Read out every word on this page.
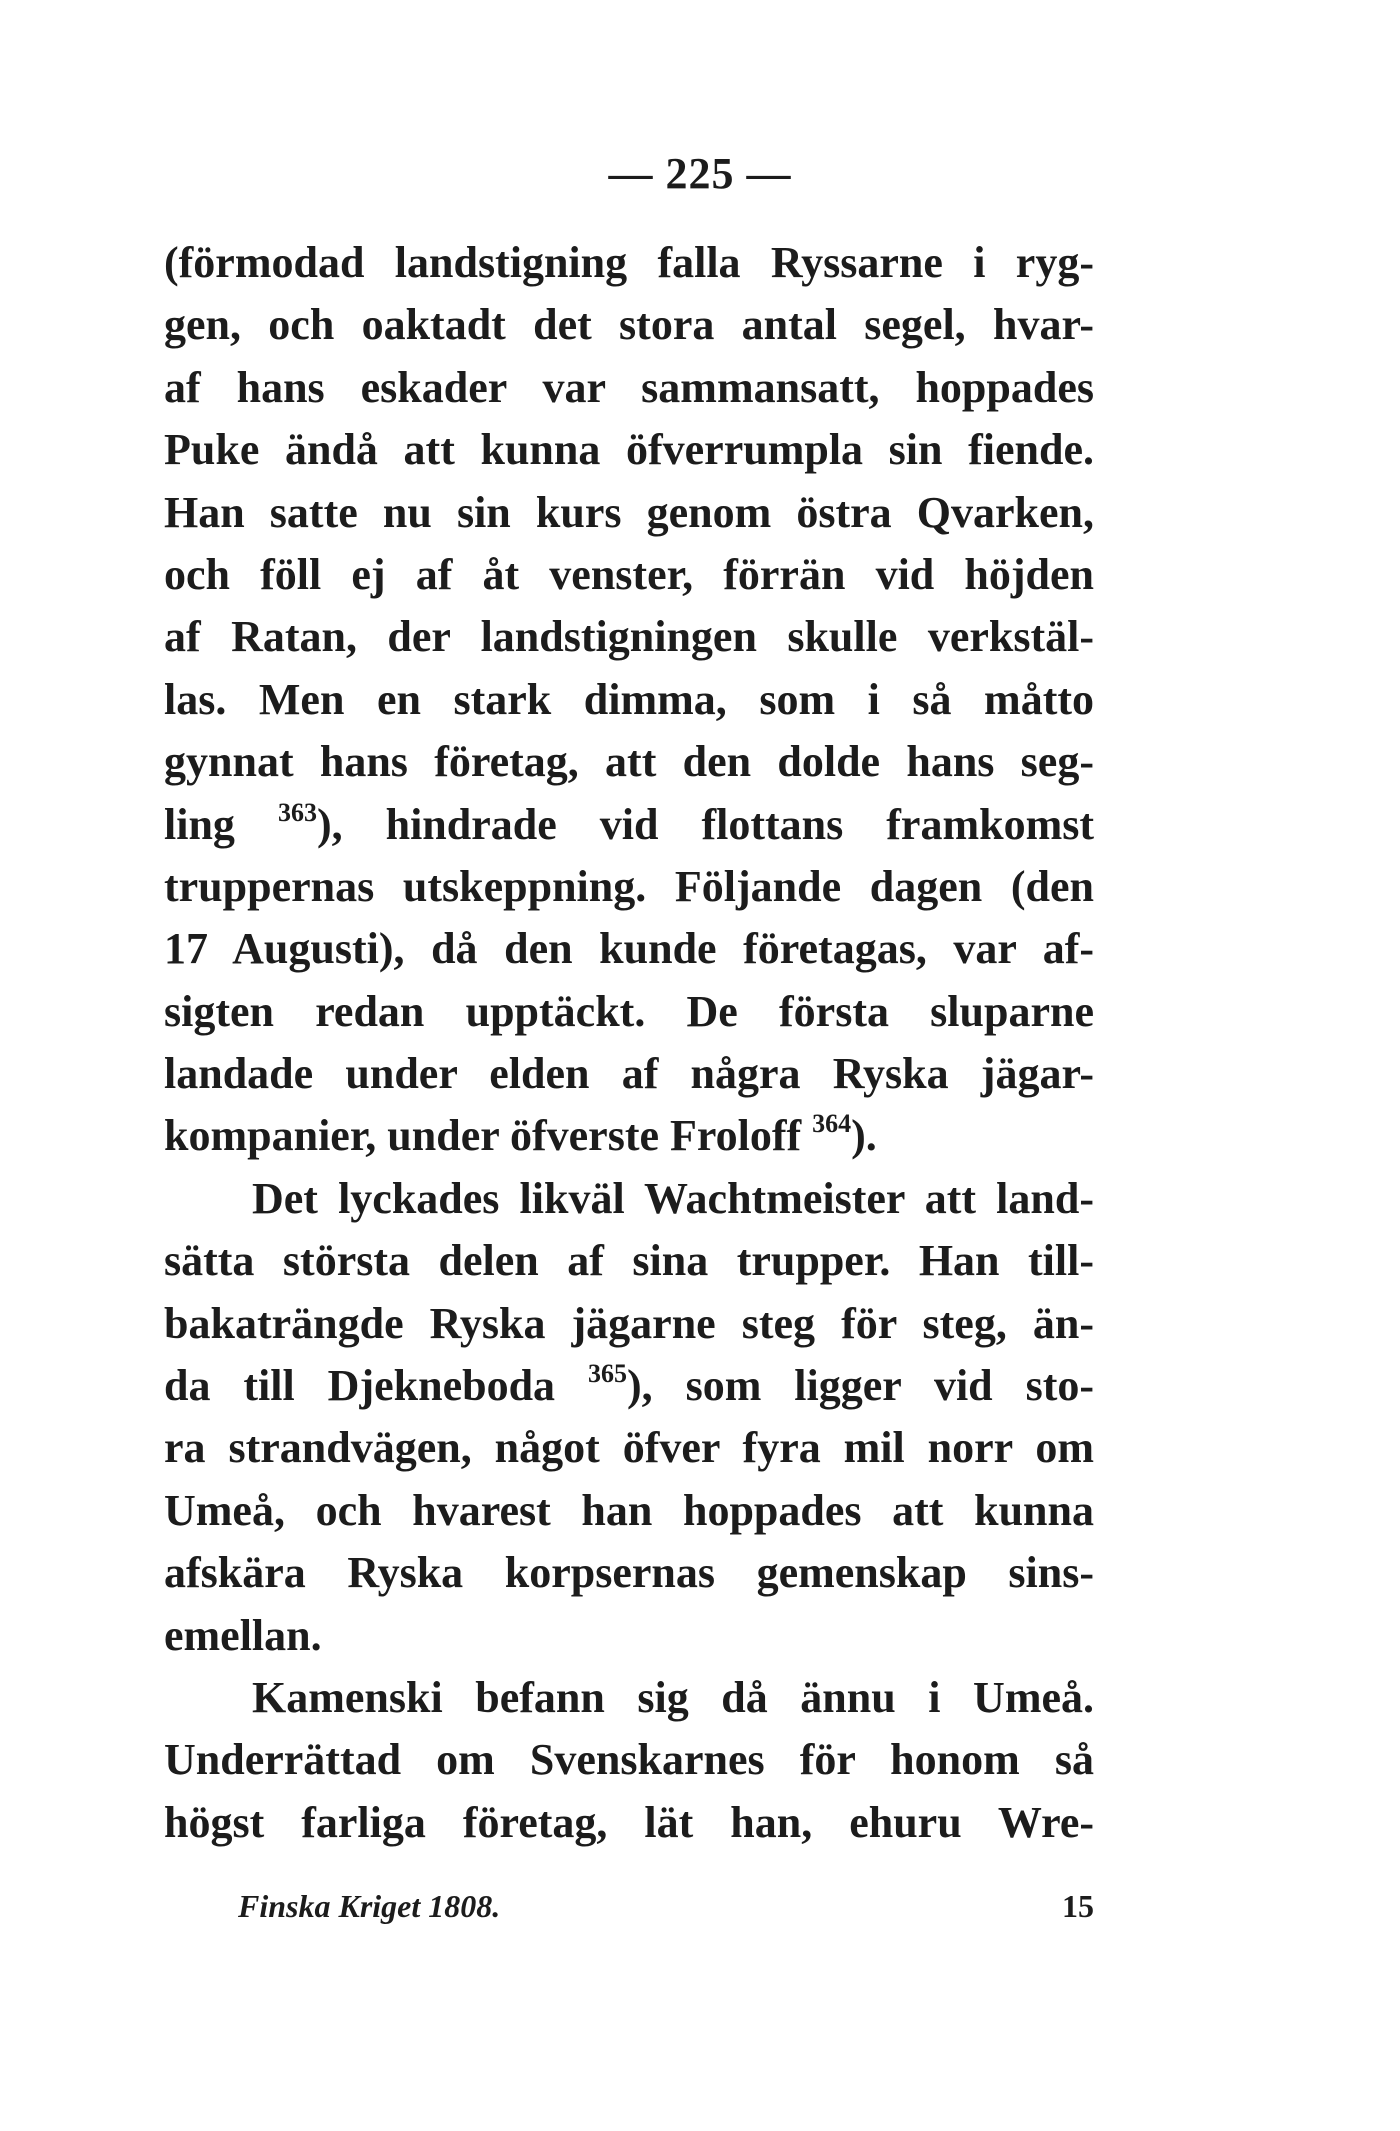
— 225 —
(förmodad landstigning falla Ryssarne i ryg-
gen, och oaktadt det stora antal segel, hvar-
af hans eskader var sammansatt, hoppades
Puke ändå att kunna öfverrumpla sin fiende.
Han satte nu sin kurs genom östra Qvarken,
och föll ej af åt venster, förrän vid höjden
af Ratan, der landstigningen skulle verkstäl-
las. Men en stark dimma, som i så måtto
gynnat hans företag, att den dolde hans seg-
ling $^{363}$), hindrade vid flottans framkomst
truppernas utskeppning. Följande dagen (den
17 Augusti), då den kunde företagas, var af-
sigten redan upptäckt. De första sluparne
landade under elden af några Ryska jägar-
kompanier, under öfverste Froloff $^{364}$).
Det lyckades likväl Wachtmeister att land-
sätta största delen af sina trupper. Han till-
bakaträngde Ryska jägarne steg för steg, än-
da till Djekneboda $^{365}$), som ligger vid sto-
ra strandvägen, något öfver fyra mil norr om
Umeå, och hvarest han hoppades att kunna
afskära Ryska korpsernas gemenskap sins-
emellan.
Kamenski befann sig då ännu i Umeå.
Underrättad om Svenskarnes för honom så
högst farliga företag, lät han, ehuru Wre-
Finska Kriget 1808.	15
